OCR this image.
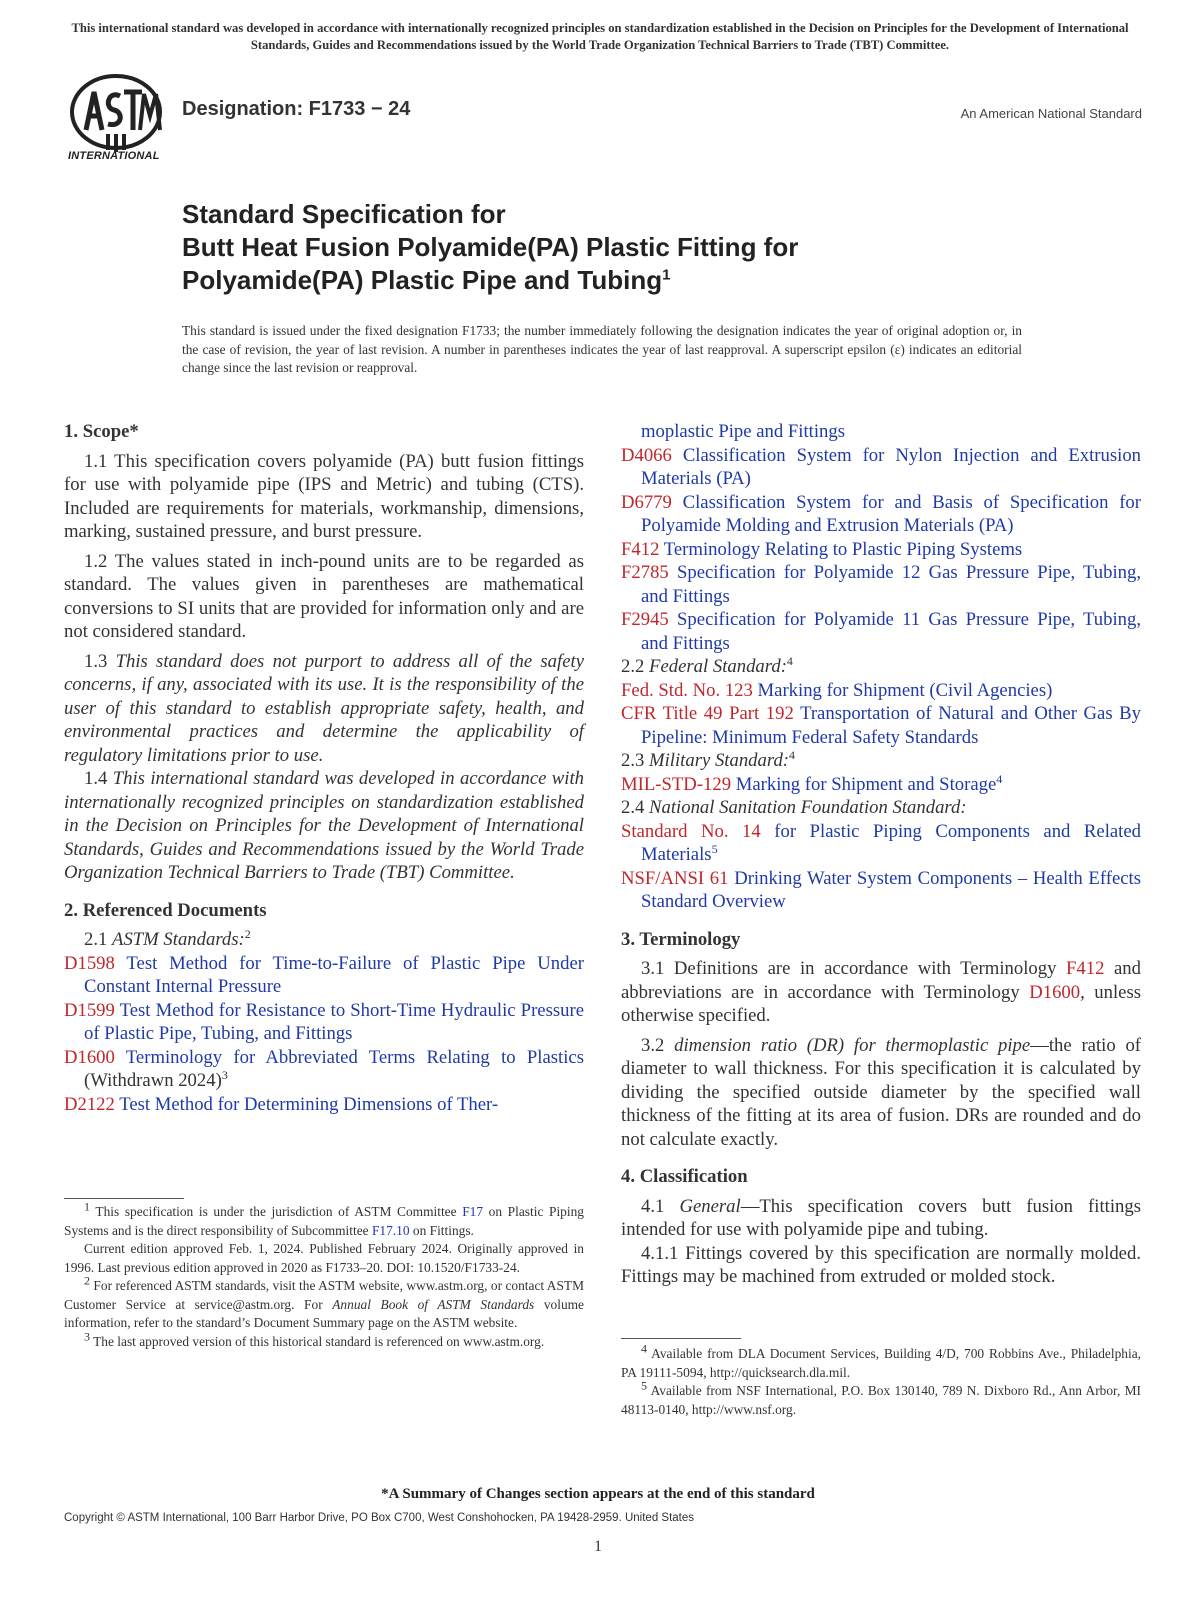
This international standard was developed in accordance with internationally recognized principles on standardization established in the Decision on Principles for the Development of International Standards, Guides and Recommendations issued by the World Trade Organization Technical Barriers to Trade (TBT) Committee.
INTERNATIONAL
Designation: F1733 − 24	An American National Standard
Standard Specification for
Butt Heat Fusion Polyamide(PA) Plastic Fitting for
Polyamide(PA) Plastic Pipe and Tubing$^1$
This standard is issued under the fixed designation F1733; the number immediately following the designation indicates the year of original adoption or, in the case of revision, the year of last revision. A number in parentheses indicates the year of last reapproval. A superscript epsilon (ε) indicates an editorial change since the last revision or reapproval.

1. Scope*

1.1 This specification covers polyamide (PA) butt fusion fittings for use with polyamide pipe (IPS and Metric) and tubing (CTS). Included are requirements for materials, workmanship, dimensions, marking, sustained pressure, and burst pressure.

1.2 The values stated in inch-pound units are to be regarded as standard. The values given in parentheses are mathematical conversions to SI units that are provided for information only and are not considered standard.

1.3 This standard does not purport to address all of the safety concerns, if any, associated with its use. It is the responsibility of the user of this standard to establish appropriate safety, health, and environmental practices and determine the applicability of regulatory limitations prior to use.

1.4 This international standard was developed in accordance with internationally recognized principles on standardization established in the Decision on Principles for the Development of International Standards, Guides and Recommendations issued by the World Trade Organization Technical Barriers to Trade (TBT) Committee.

2. Referenced Documents

2.1 ASTM Standards:$^2$
D1598 Test Method for Time-to-Failure of Plastic Pipe Under Constant Internal Pressure
D1599 Test Method for Resistance to Short-Time Hydraulic Pressure of Plastic Pipe, Tubing, and Fittings
D1600 Terminology for Abbreviated Terms Relating to Plastics (Withdrawn 2024)$^3$
D2122 Test Method for Determining Dimensions of Ther-

$^1$ This specification is under the jurisdiction of ASTM Committee F17 on Plastic Piping Systems and is the direct responsibility of Subcommittee F17.10 on Fittings.

Current edition approved Feb. 1, 2024. Published February 2024. Originally approved in 1996. Last previous edition approved in 2020 as F1733–20. DOI: 10.1520/F1733-24.

$^2$ For referenced ASTM standards, visit the ASTM website, www.astm.org, or contact ASTM Customer Service at service@astm.org. For Annual Book of ASTM Standards volume information, refer to the standard’s Document Summary page on the ASTM website.

$^3$ The last approved version of this historical standard is referenced on www.astm.org.

moplastic Pipe and Fittings
D4066 Classification System for Nylon Injection and Extrusion Materials (PA)
D6779 Classification System for and Basis of Specification for Polyamide Molding and Extrusion Materials (PA)
F412 Terminology Relating to Plastic Piping Systems
F2785 Specification for Polyamide 12 Gas Pressure Pipe, Tubing, and Fittings
F2945 Specification for Polyamide 11 Gas Pressure Pipe, Tubing, and Fittings
2.2 Federal Standard:$^4$
Fed. Std. No. 123 Marking for Shipment (Civil Agencies)
CFR Title 49 Part 192 Transportation of Natural and Other Gas By Pipeline: Minimum Federal Safety Standards
2.3 Military Standard:$^4$
MIL-STD-129 Marking for Shipment and Storage$^4$
2.4 National Sanitation Foundation Standard:
Standard No. 14 for Plastic Piping Components and Related Materials$^5$
NSF/ANSI 61 Drinking Water System Components – Health Effects Standard Overview

3. Terminology

3.1 Definitions are in accordance with Terminology F412 and abbreviations are in accordance with Terminology D1600, unless otherwise specified.

3.2 dimension ratio (DR) for thermoplastic pipe—the ratio of diameter to wall thickness. For this specification it is calculated by dividing the specified outside diameter by the specified wall thickness of the fitting at its area of fusion. DRs are rounded and do not calculate exactly.

4. Classification

4.1 General—This specification covers butt fusion fittings intended for use with polyamide pipe and tubing.

4.1.1 Fittings covered by this specification are normally molded. Fittings may be machined from extruded or molded stock.

$^4$ Available from DLA Document Services, Building 4/D, 700 Robbins Ave., Philadelphia, PA 19111-5094, http://quicksearch.dla.mil.

$^5$ Available from NSF International, P.O. Box 130140, 789 N. Dixboro Rd., Ann Arbor, MI 48113-0140, http://www.nsf.org.

*A Summary of Changes section appears at the end of this standard
Copyright © ASTM International, 100 Barr Harbor Drive, PO Box C700, West Conshohocken, PA 19428-2959. United States
1
